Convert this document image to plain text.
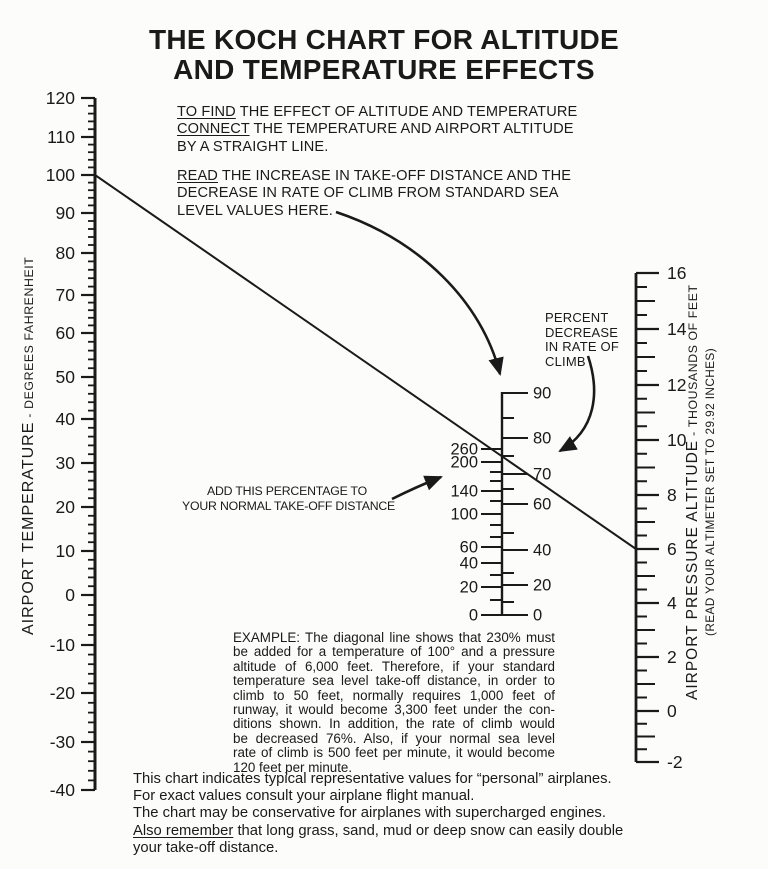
120
110
100
90
80
70
60
50
40
30
20
10
0
-10
-20
-30
-40
16
14
12
10
8
6
4
2
0
-2
260
200
140
100
60
40
20
0
90
80
70
60
40
20
0
THE KOCH CHART FOR ALTITUDE
AND TEMPERATURE EFFECTS
TO FIND THE EFFECT OF ALTITUDE AND TEMPERATURE
CONNECT THE TEMPERATURE AND AIRPORT ALTITUDE
BY A STRAIGHT LINE.
READ THE INCREASE IN TAKE-OFF DISTANCE AND THE
DECREASE IN RATE OF CLIMB FROM STANDARD SEA
LEVEL VALUES HERE.
PERCENT
DECREASE
IN RATE OF
CLIMB
ADD THIS PERCENTAGE TO
YOUR NORMAL TAKE-OFF DISTANCE
EXAMPLE: The diagonal line shows that 230% must
be added for a temperature of 100° and a pressure
altitude of 6,000 feet. Therefore, if your standard
temperature sea level take-off distance, in order to
climb to 50 feet, normally requires 1,000 feet of
runway, it would become 3,300 feet under the con-
ditions shown. In addition, the rate of climb would
be decreased 76%. Also, if your normal sea level
rate of climb is 500 feet per minute, it would become
120 feet per minute.
This chart indicates typical representative values for “personal” airplanes.
For exact values consult your airplane flight manual.
The chart may be conservative for airplanes with supercharged engines.
Also remember that long grass, sand, mud or deep snow can easily double
your take-off distance.
AIRPORT TEMPERATURE - DEGREES FAHRENHEIT
AIRPORT PRESSURE ALTITUDE - THOUSANDS OF FEET (READ YOUR ALTIMETER SET TO 29.92 INCHES)
